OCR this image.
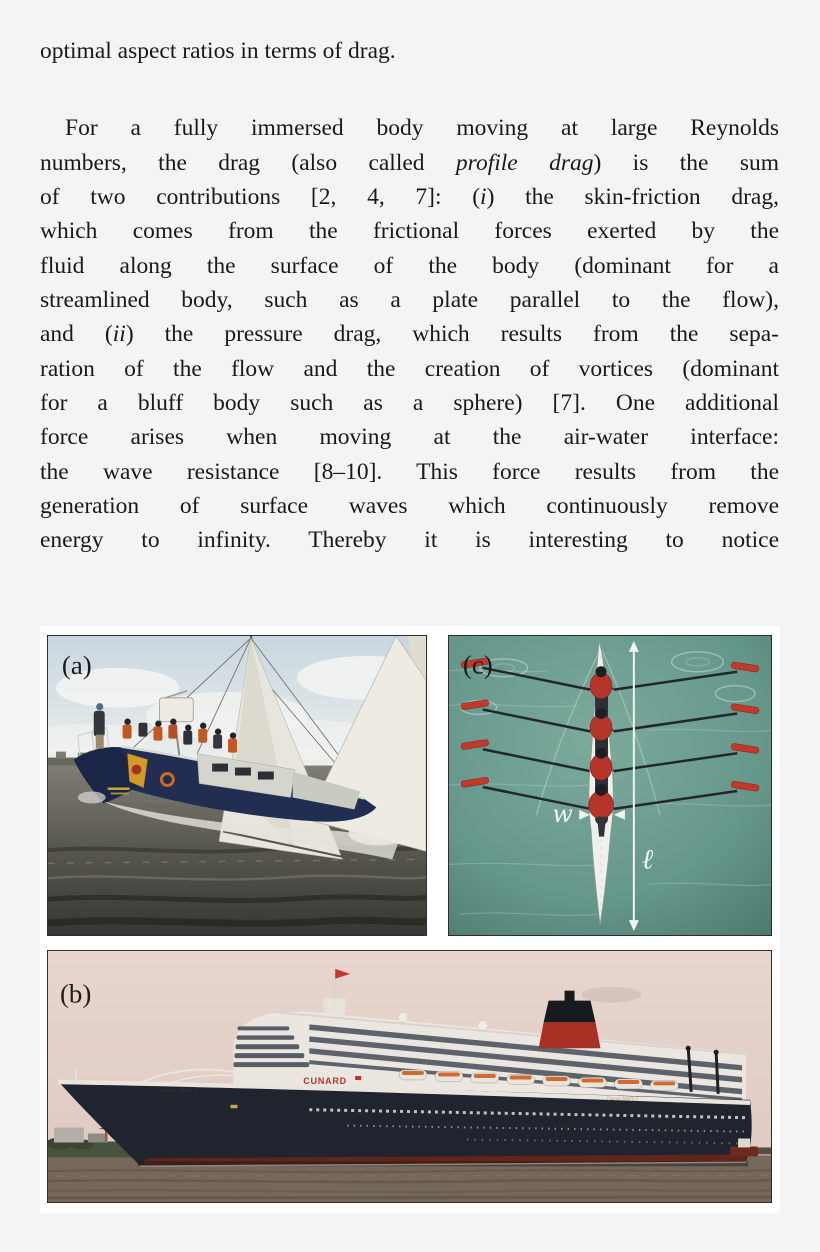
optimal aspect ratios in terms of drag.

For a fully immersed body moving at large Reynolds
numbers, the drag (also called profile drag) is the sum
of two contributions [2, 4, 7]: (i) the skin-friction drag,
which comes from the frictional forces exerted by the
fluid along the surface of the body (dominant for a
streamlined body, such as a plate parallel to the flow),
and (ii) the pressure drag, which results from the sepa-
ration of the flow and the creation of vortices (dominant
for a bluff body such as a sphere) [7]. One additional
force arises when moving at the air-water interface:
the wave resistance [8–10]. This force results from the
generation of surface waves which continuously remove
energy to infinity. Thereby it is interesting to notice

(a)
w
ℓ
(c)
Queen Mary 2
Queen Mary 2
CUNARD
(b)
